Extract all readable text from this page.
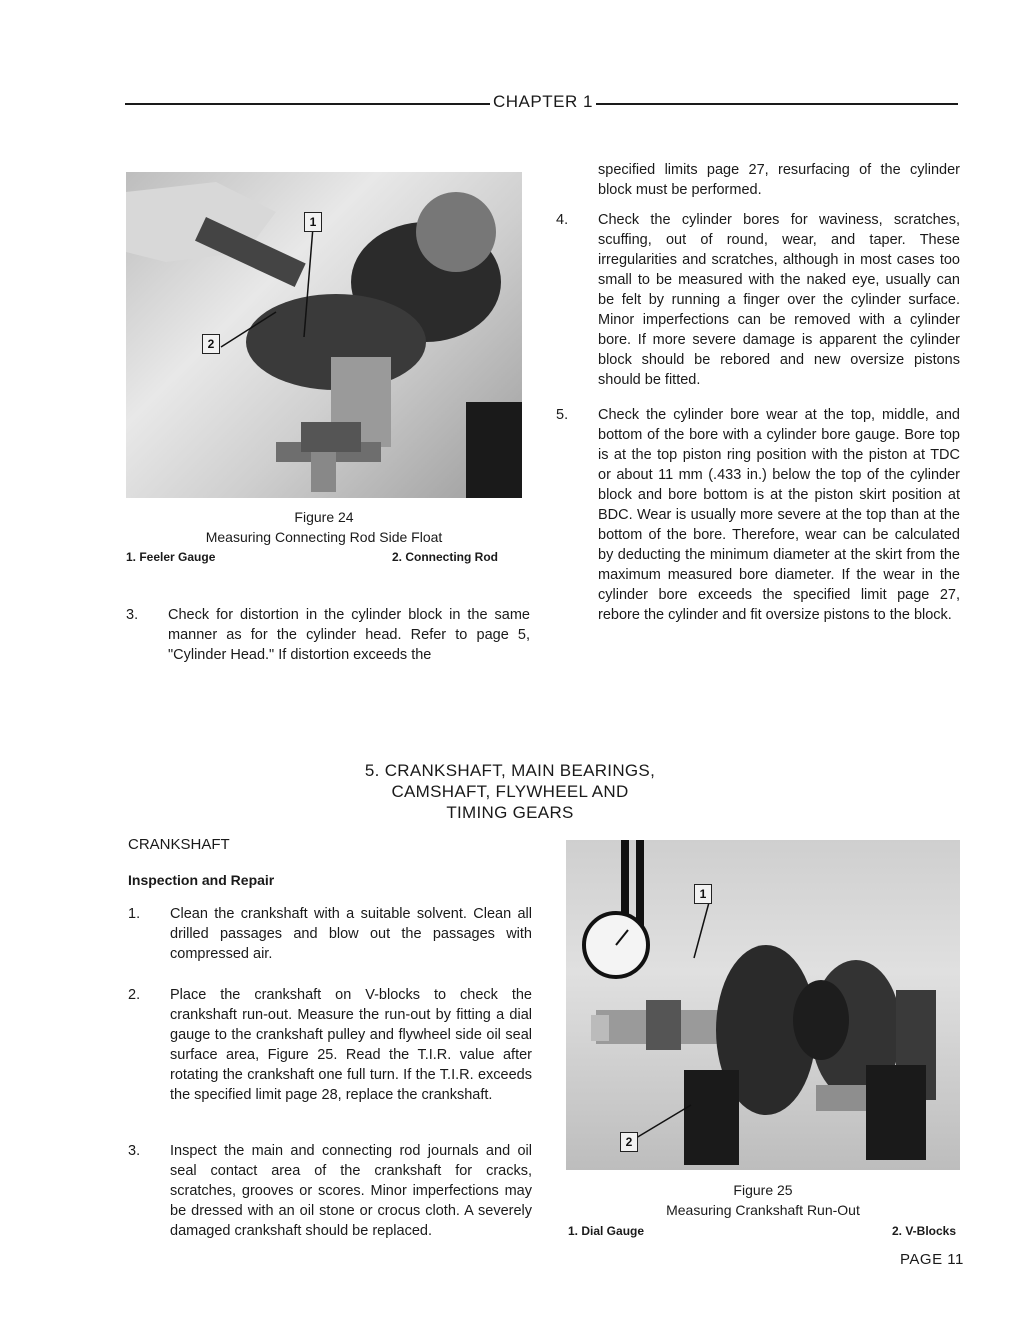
CHAPTER 1
1
2
Figure 24
Measuring Connecting Rod Side Float
1. Feeler Gauge	2. Connecting Rod
3. Check for distortion in the cylinder block in the same manner as for the cylinder head. Refer to page 5, "Cylinder Head." If distortion exceeds the
specified limits page 27, resurfacing of the cylinder block must be performed.
4. Check the cylinder bores for waviness, scratches, scuffing, out of round, wear, and taper. These irregularities and scratches, although in most cases too small to be measured with the naked eye, usually can be felt by running a finger over the cylinder surface. Minor imperfections can be removed with a cylinder bore. If more severe damage is apparent the cylinder block should be rebored and new oversize pistons should be fitted.
5. Check the cylinder bore wear at the top, middle, and bottom of the bore with a cylinder bore gauge. Bore top is at the top piston ring position with the piston at TDC or about 11 mm (.433 in.) below the top of the cylinder block and bore bottom is at the piston skirt position at BDC. Wear is usually more severe at the top than at the bottom of the bore. Therefore, wear can be calculated by deducting the minimum diameter at the skirt from the maximum measured bore diameter. If the wear in the cylinder bore exceeds the specified limit page 27, rebore the cylinder and fit oversize pistons to the block.
5. CRANKSHAFT, MAIN BEARINGS,
CAMSHAFT, FLYWHEEL AND
TIMING GEARS
CRANKSHAFT
Inspection and Repair
1. Clean the crankshaft with a suitable solvent. Clean all drilled passages and blow out the passages with compressed air.
2. Place the crankshaft on V-blocks to check the crankshaft run-out. Measure the run-out by fitting a dial gauge to the crankshaft pulley and flywheel side oil seal surface area, Figure 25. Read the T.I.R. value after rotating the crankshaft one full turn. If the T.I.R. exceeds the specified limit page 28, replace the crankshaft.
3. Inspect the main and connecting rod journals and oil seal contact area of the crankshaft for cracks, scratches, grooves or scores. Minor imperfections may be dressed with an oil stone or crocus cloth. A severely damaged crankshaft should be replaced.
1
2
Figure 25
Measuring Crankshaft Run-Out
1. Dial Gauge	2. V-Blocks
PAGE 11
